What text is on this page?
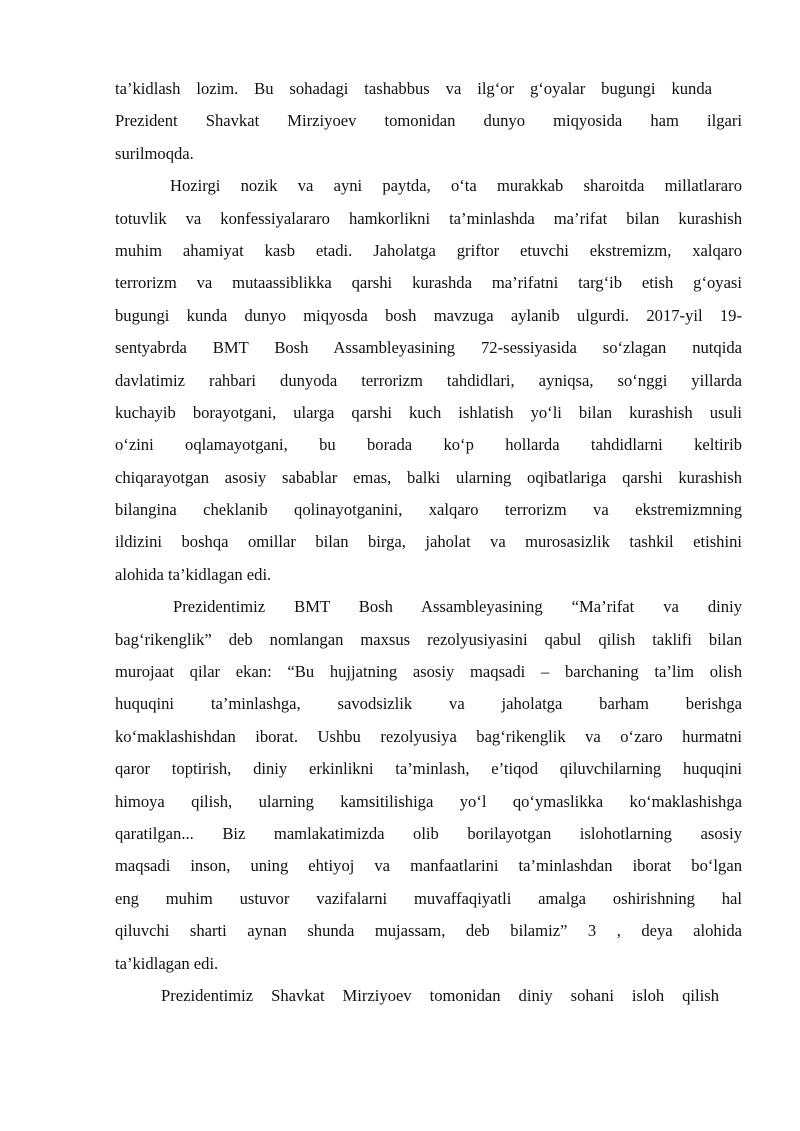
ta’kidlash lozim. Bu sohadagi tashabbus va ilg‘or g‘oyalar bugungi kunda
Prezident Shavkat Mirziyoev tomonidan dunyo miqyosida ham ilgari
surilmoqda.
Hozirgi nozik va ayni paytda, o‘ta murakkab sharoitda millatlararo
totuvlik va konfessiyalararo hamkorlikni ta’minlashda ma’rifat bilan kurashish
muhim ahamiyat kasb etadi. Jaholatga griftor etuvchi ekstremizm, xalqaro
terrorizm va mutaassiblikka qarshi kurashda ma’rifatni targ‘ib etish g‘oyasi
bugungi kunda dunyo miqyosda bosh mavzuga aylanib ulgurdi. 2017-yil 19-
sentyabrda BMT Bosh Assambleyasining 72-sessiyasida so‘zlagan nutqida
davlatimiz rahbari dunyoda terrorizm tahdidlari, ayniqsa, so‘nggi yillarda
kuchayib borayotgani, ularga qarshi kuch ishlatish yo‘li bilan kurashish usuli
o‘zini oqlamayotgani, bu borada ko‘p hollarda tahdidlarni keltirib
chiqarayotgan asosiy sabablar emas, balki ularning oqibatlariga qarshi kurashish
bilangina cheklanib qolinayotganini, xalqaro terrorizm va ekstremizmning
ildizini boshqa omillar bilan birga, jaholat va murosasizlik tashkil etishini
alohida ta’kidlagan edi.
Prezidentimiz BMT Bosh Assambleyasining “Ma’rifat va diniy
bag‘rikenglik” deb nomlangan maxsus rezolyusiyasini qabul qilish taklifi bilan
murojaat qilar ekan: “Bu hujjatning asosiy maqsadi – barchaning ta’lim olish
huquqini ta’minlashga, savodsizlik va jaholatga barham berishga
ko‘maklashishdan iborat. Ushbu rezolyusiya bag‘rikenglik va o‘zaro hurmatni
qaror toptirish, diniy erkinlikni ta’minlash, e’tiqod qiluvchilarning huquqini
himoya qilish, ularning kamsitilishiga yo‘l qo‘ymaslikka ko‘maklashishga
qaratilgan... Biz mamlakatimizda olib borilayotgan islohotlarning asosiy
maqsadi inson, uning ehtiyoj va manfaatlarini ta’minlashdan iborat bo‘lgan
eng muhim ustuvor vazifalarni muvaffaqiyatli amalga oshirishning hal
qiluvchi sharti aynan shunda mujassam, deb bilamiz” 3 , deya alohida
ta’kidlagan edi.
Prezidentimiz Shavkat Mirziyoev tomonidan diniy sohani isloh qilish
